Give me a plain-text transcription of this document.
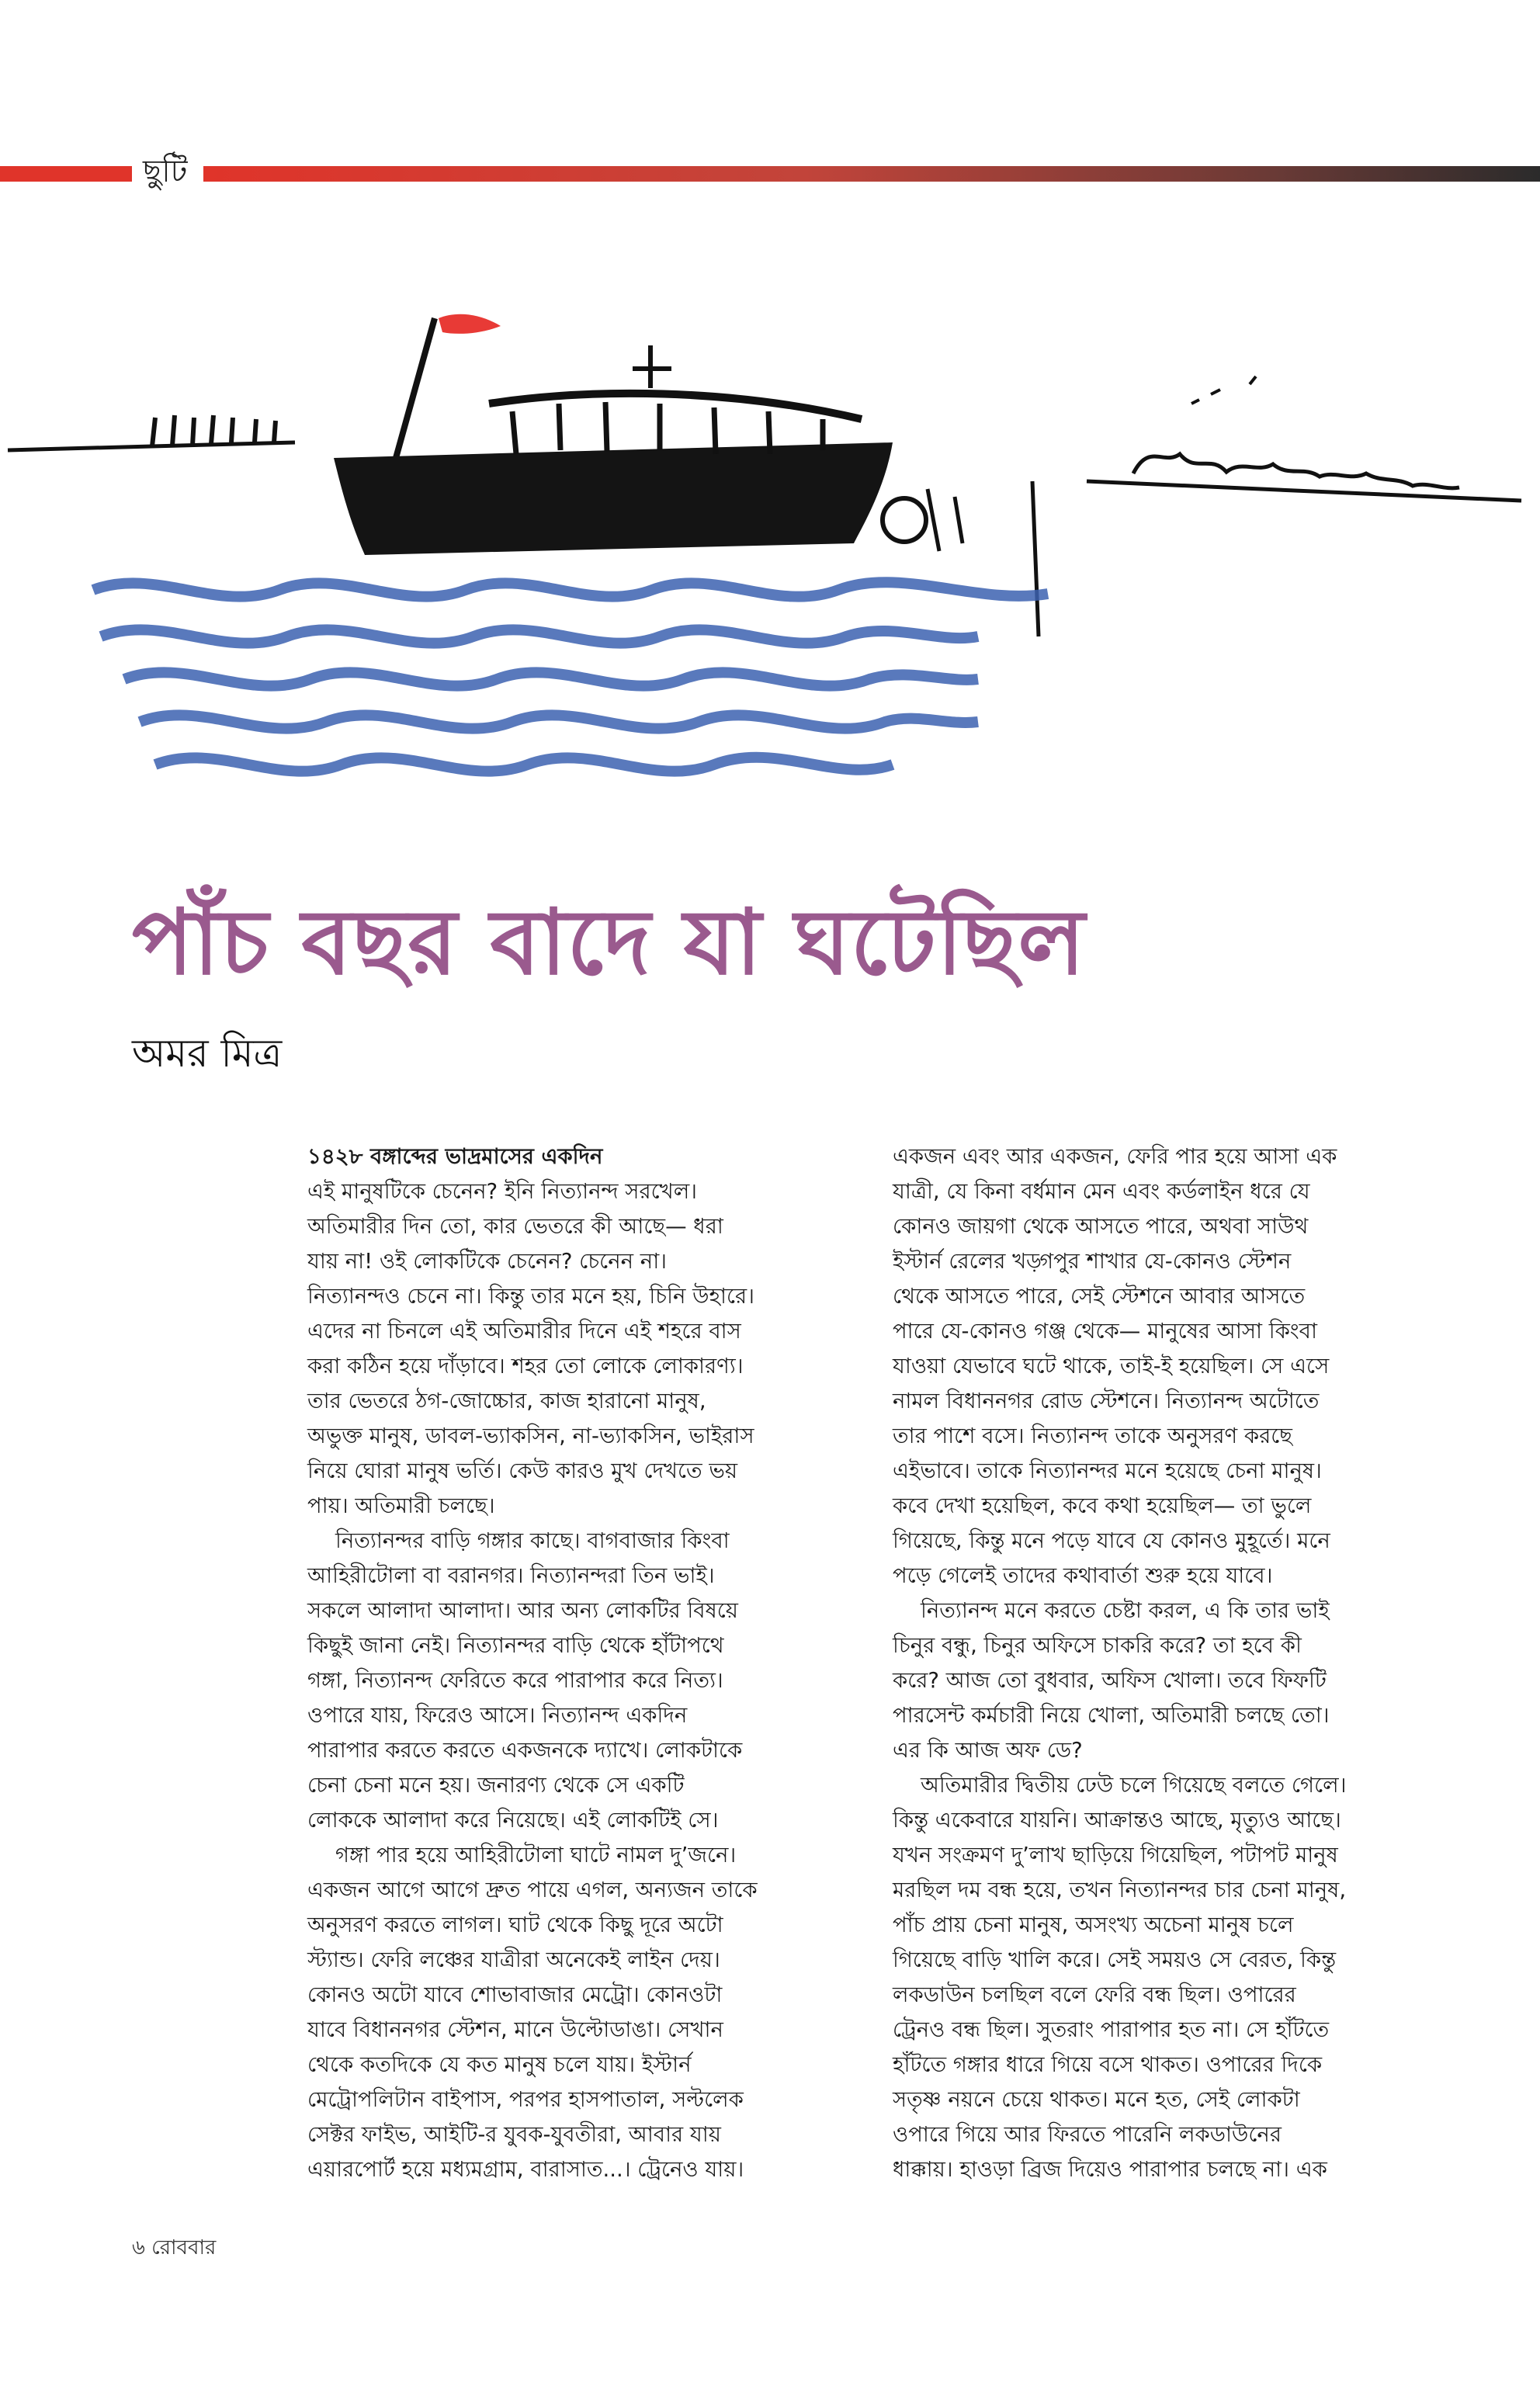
ছুটি
পাঁচ বছর বাদে যা ঘটেছিল
অমর মিত্র

১৪২৮ বঙ্গাব্দের ভাদ্রমাসের একদিন

এই মানুষটিকে চেনেন? ইনি নিত্যানন্দ সরখেল।

অতিমারীর দিন তো, কার ভেতরে কী আছে— ধরা

যায় না! ওই লোকটিকে চেনেন? চেনেন না।

নিত্যানন্দও চেনে না। কিন্তু তার মনে হয়, চিনি উহারে।

এদের না চিনলে এই অতিমারীর দিনে এই শহরে বাস

করা কঠিন হয়ে দাঁড়াবে। শহর তো লোকে লোকারণ্য।

তার ভেতরে ঠগ-জোচ্চোর, কাজ হারানো মানুষ,

অভুক্ত মানুষ, ডাবল-ভ্যাকসিন, না-ভ্যাকসিন, ভাইরাস

নিয়ে ঘোরা মানুষ ভর্তি। কেউ কারও মুখ দেখতে ভয়

পায়। অতিমারী চলছে।

নিত্যানন্দর বাড়ি গঙ্গার কাছে। বাগবাজার কিংবা

আহিরীটোলা বা বরানগর। নিত্যানন্দরা তিন ভাই।

সকলে আলাদা আলাদা। আর অন্য লোকটির বিষয়ে

কিছুই জানা নেই। নিত্যানন্দর বাড়ি থেকে হাঁটাপথে

গঙ্গা, নিত্যানন্দ ফেরিতে করে পারাপার করে নিত্য।

ওপারে যায়, ফিরেও আসে। নিত্যানন্দ একদিন

পারাপার করতে করতে একজনকে দ্যাখে। লোকটাকে

চেনা চেনা মনে হয়। জনারণ্য থেকে সে একটি

লোককে আলাদা করে নিয়েছে। এই লোকটিই সে।

গঙ্গা পার হয়ে আহিরীটোলা ঘাটে নামল দু’জনে।

একজন আগে আগে দ্রুত পায়ে এগল, অন্যজন তাকে

অনুসরণ করতে লাগল। ঘাট থেকে কিছু দূরে অটো

স্ট্যান্ড। ফেরি লঞ্চের যাত্রীরা অনেকেই লাইন দেয়।

কোনও অটো যাবে শোভাবাজার মেট্রো। কোনওটা

যাবে বিধাননগর স্টেশন, মানে উল্টোডাঙা। সেখান

থেকে কতদিকে যে কত মানুষ চলে যায়। ইস্টার্ন

মেট্রোপলিটান বাইপাস, পরপর হাসপাতাল, সল্টলেক

সেক্টর ফাইভ, আইটি-র যুবক-যুবতীরা, আবার যায়

এয়ারপোর্ট হয়ে মধ্যমগ্রাম, বারাসাত...। ট্রেনেও যায়।

একজন এবং আর একজন, ফেরি পার হয়ে আসা এক

যাত্রী, যে কিনা বর্ধমান মেন এবং কর্ডলাইন ধরে যে

কোনও জায়গা থেকে আসতে পারে, অথবা সাউথ

ইস্টার্ন রেলের খড়্গপুর শাখার যে-কোনও স্টেশন

থেকে আসতে পারে, সেই স্টেশনে আবার আসতে

পারে যে-কোনও গঞ্জ থেকে— মানুষের আসা কিংবা

যাওয়া যেভাবে ঘটে থাকে, তাই-ই হয়েছিল। সে এসে

নামল বিধাননগর রোড স্টেশনে। নিত্যানন্দ অটোতে

তার পাশে বসে। নিত্যানন্দ তাকে অনুসরণ করছে

এইভাবে। তাকে নিত্যানন্দর মনে হয়েছে চেনা মানুষ।

কবে দেখা হয়েছিল, কবে কথা হয়েছিল— তা ভুলে

গিয়েছে, কিন্তু মনে পড়ে যাবে যে কোনও মুহূর্তে। মনে

পড়ে গেলেই তাদের কথাবার্তা শুরু হয়ে যাবে।

নিত্যানন্দ মনে করতে চেষ্টা করল, এ কি তার ভাই

চিনুর বন্ধু, চিনুর অফিসে চাকরি করে? তা হবে কী

করে? আজ তো বুধবার, অফিস খোলা। তবে ফিফটি

পারসেন্ট কর্মচারী নিয়ে খোলা, অতিমারী চলছে তো।

এর কি আজ অফ ডে?

অতিমারীর দ্বিতীয় ঢেউ চলে গিয়েছে বলতে গেলে।

কিন্তু একেবারে যায়নি। আক্রান্তও আছে, মৃত্যুও আছে।

যখন সংক্রমণ দু’লাখ ছাড়িয়ে গিয়েছিল, পটাপট মানুষ

মরছিল দম বন্ধ হয়ে, তখন নিত্যানন্দর চার চেনা মানুষ,

পাঁচ প্রায় চেনা মানুষ, অসংখ্য অচেনা মানুষ চলে

গিয়েছে বাড়ি খালি করে। সেই সময়ও সে বেরত, কিন্তু

লকডাউন চলছিল বলে ফেরি বন্ধ ছিল। ওপারের

ট্রেনও বন্ধ ছিল। সুতরাং পারাপার হত না। সে হাঁটতে

হাঁটতে গঙ্গার ধারে গিয়ে বসে থাকত। ওপারের দিকে

সতৃষ্ণ নয়নে চেয়ে থাকত। মনে হত, সেই লোকটা

ওপারে গিয়ে আর ফিরতে পারেনি লকডাউনের

ধাক্কায়। হাওড়া ব্রিজ দিয়েও পারাপার চলছে না। এক

৬ রোববার
